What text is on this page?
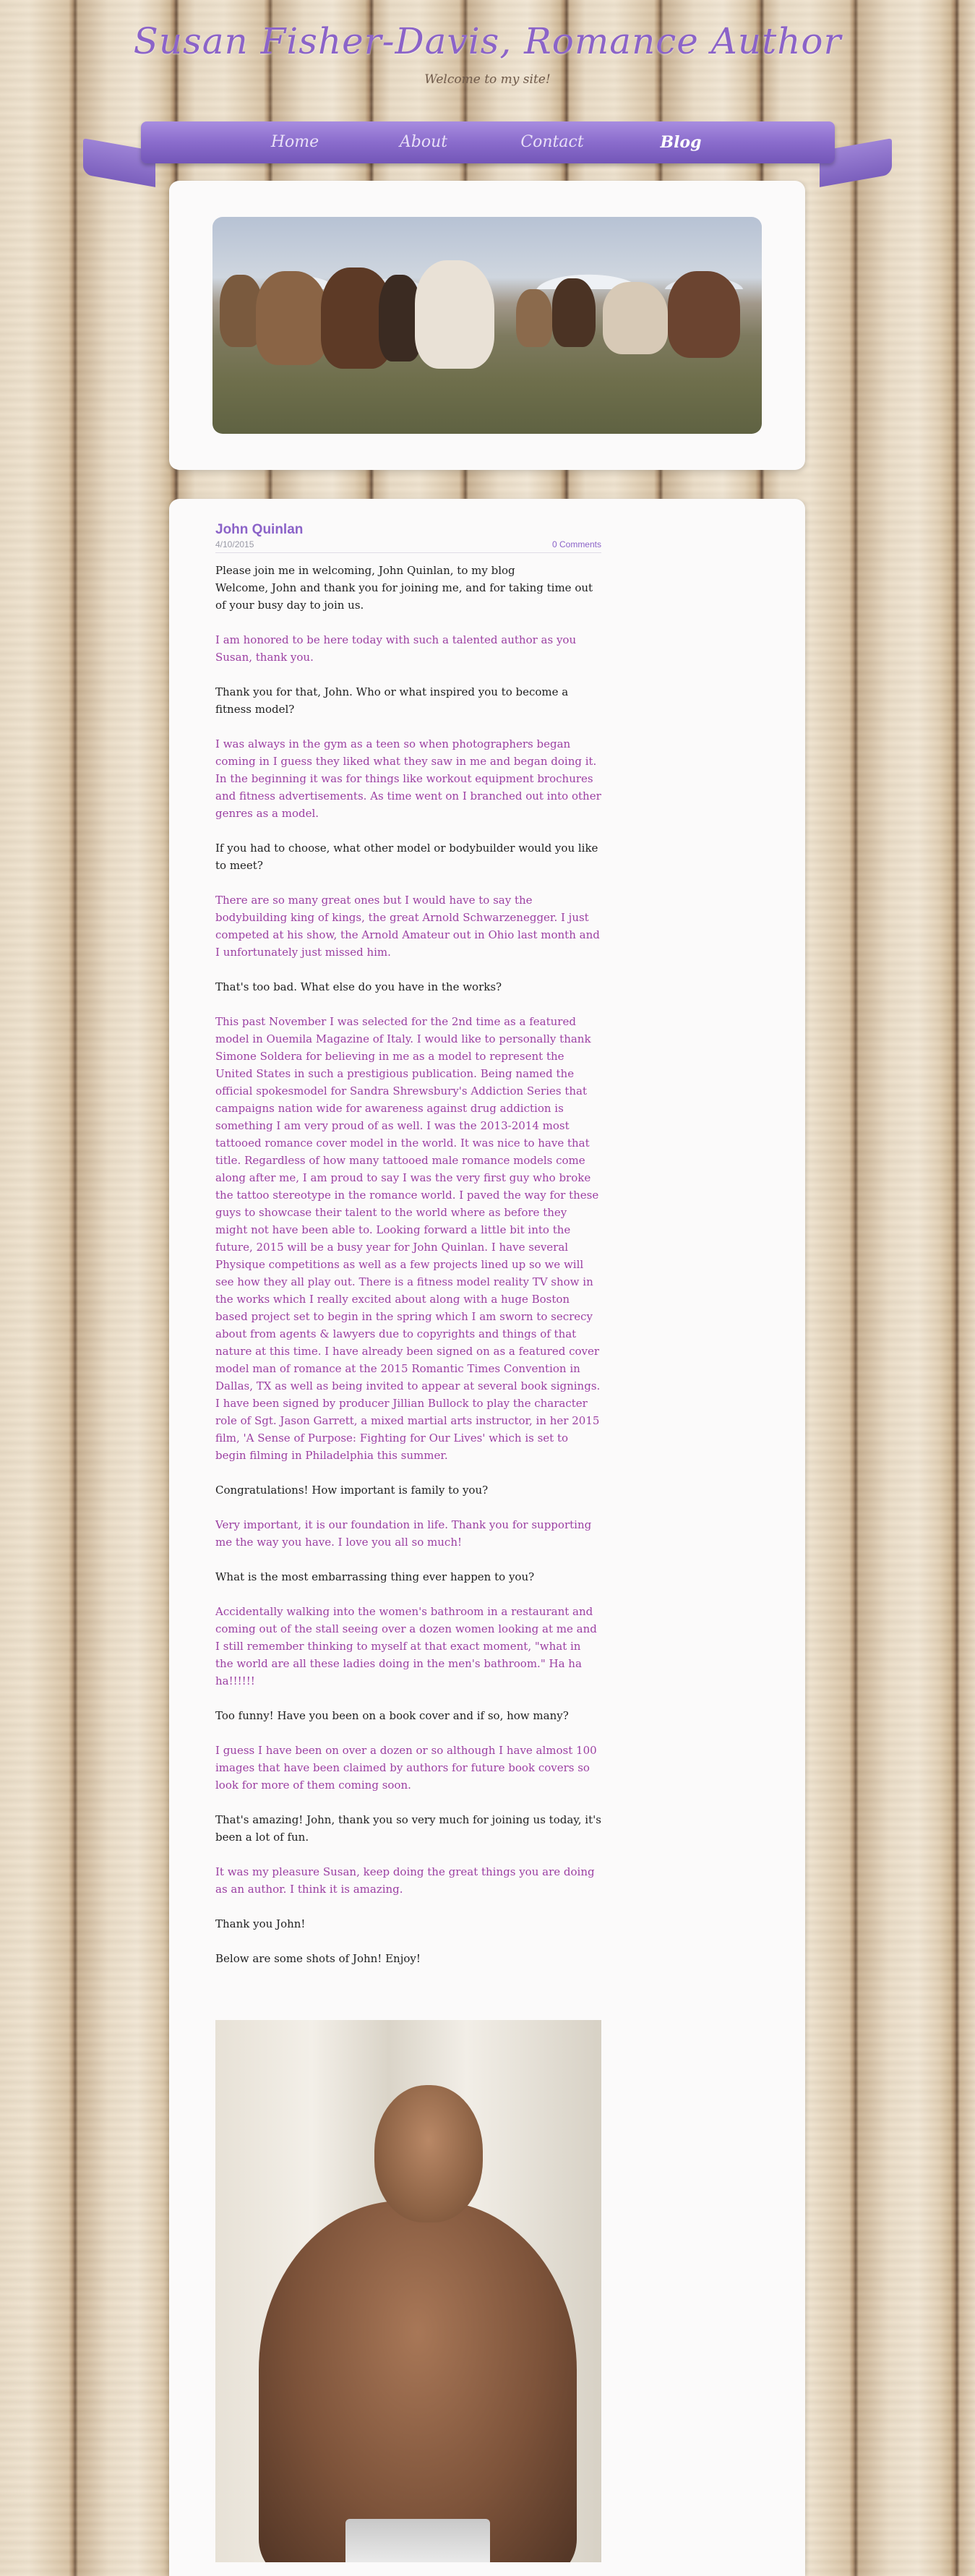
Susan Fisher-Davis, Romance Author
Welcome to my site!
Home	About	Contact	Blog
John Quinlan
4/10/2015	0 Comments

Please join me in welcoming, John Quinlan, to my blog
Welcome, John and thank you for joining me, and for taking time out of your busy day to join us.

I am honored to be here today with such a talented author as you Susan, thank you.

Thank you for that, John. Who or what inspired you to become a fitness model?

I was always in the gym as a teen so when photographers began coming in I guess they liked what they saw in me and began doing it. In the beginning it was for things like workout equipment brochures and fitness advertisements. As time went on I branched out into other genres as a model.

If you had to choose, what other model or bodybuilder would you like to meet?

There are so many great ones but I would have to say the bodybuilding king of kings, the great Arnold Schwarzenegger. I just competed at his show, the Arnold Amateur out in Ohio last month and I unfortunately just missed him.

That's too bad. What else do you have in the works?

This past November I was selected for the 2nd time as a featured model in Ouemila Magazine of Italy. I would like to personally thank Simone Soldera for believing in me as a model to represent the United States in such a prestigious publication. Being named the official spokesmodel for Sandra Shrewsbury's Addiction Series that campaigns nation wide for awareness against drug addiction is something I am very proud of as well. I was the 2013-2014 most tattooed romance cover model in the world. It was nice to have that title. Regardless of how many tattooed male romance models come along after me, I am proud to say I was the very first guy who broke the tattoo stereotype in the romance world. I paved the way for these guys to showcase their talent to the world where as before they might not have been able to. Looking forward a little bit into the future, 2015 will be a busy year for John Quinlan. I have several Physique competitions as well as a few projects lined up so we will see how they all play out. There is a fitness model reality TV show in the works which I really excited about along with a huge Boston based project set to begin in the spring which I am sworn to secrecy about from agents & lawyers due to copyrights and things of that nature at this time. I have already been signed on as a featured cover model man of romance at the 2015 Romantic Times Convention in Dallas, TX as well as being invited to appear at several book signings. I have been signed by producer Jillian Bullock to play the character role of Sgt. Jason Garrett, a mixed martial arts instructor, in her 2015 film, 'A Sense of Purpose: Fighting for Our Lives' which is set to begin filming in Philadelphia this summer.

Congratulations! How important is family to you?

Very important, it is our foundation in life. Thank you for supporting me the way you have. I love you all so much!

What is the most embarrassing thing ever happen to you?

Accidentally walking into the women's bathroom in a restaurant and coming out of the stall seeing over a dozen women looking at me and I still remember thinking to myself at that exact moment, "what in the world are all these ladies doing in the men's bathroom." Ha ha ha!!!!!!

Too funny! Have you been on a book cover and if so, how many?

I guess I have been on over a dozen or so although I have almost 100 images that have been claimed by authors for future book covers so look for more of them coming soon.

That's amazing! John, thank you so very much for joining us today, it's been a lot of fun.

It was my pleasure Susan, keep doing the great things you are doing as an author. I think it is amazing.

Thank you John!

Below are some shots of John! Enjoy!
